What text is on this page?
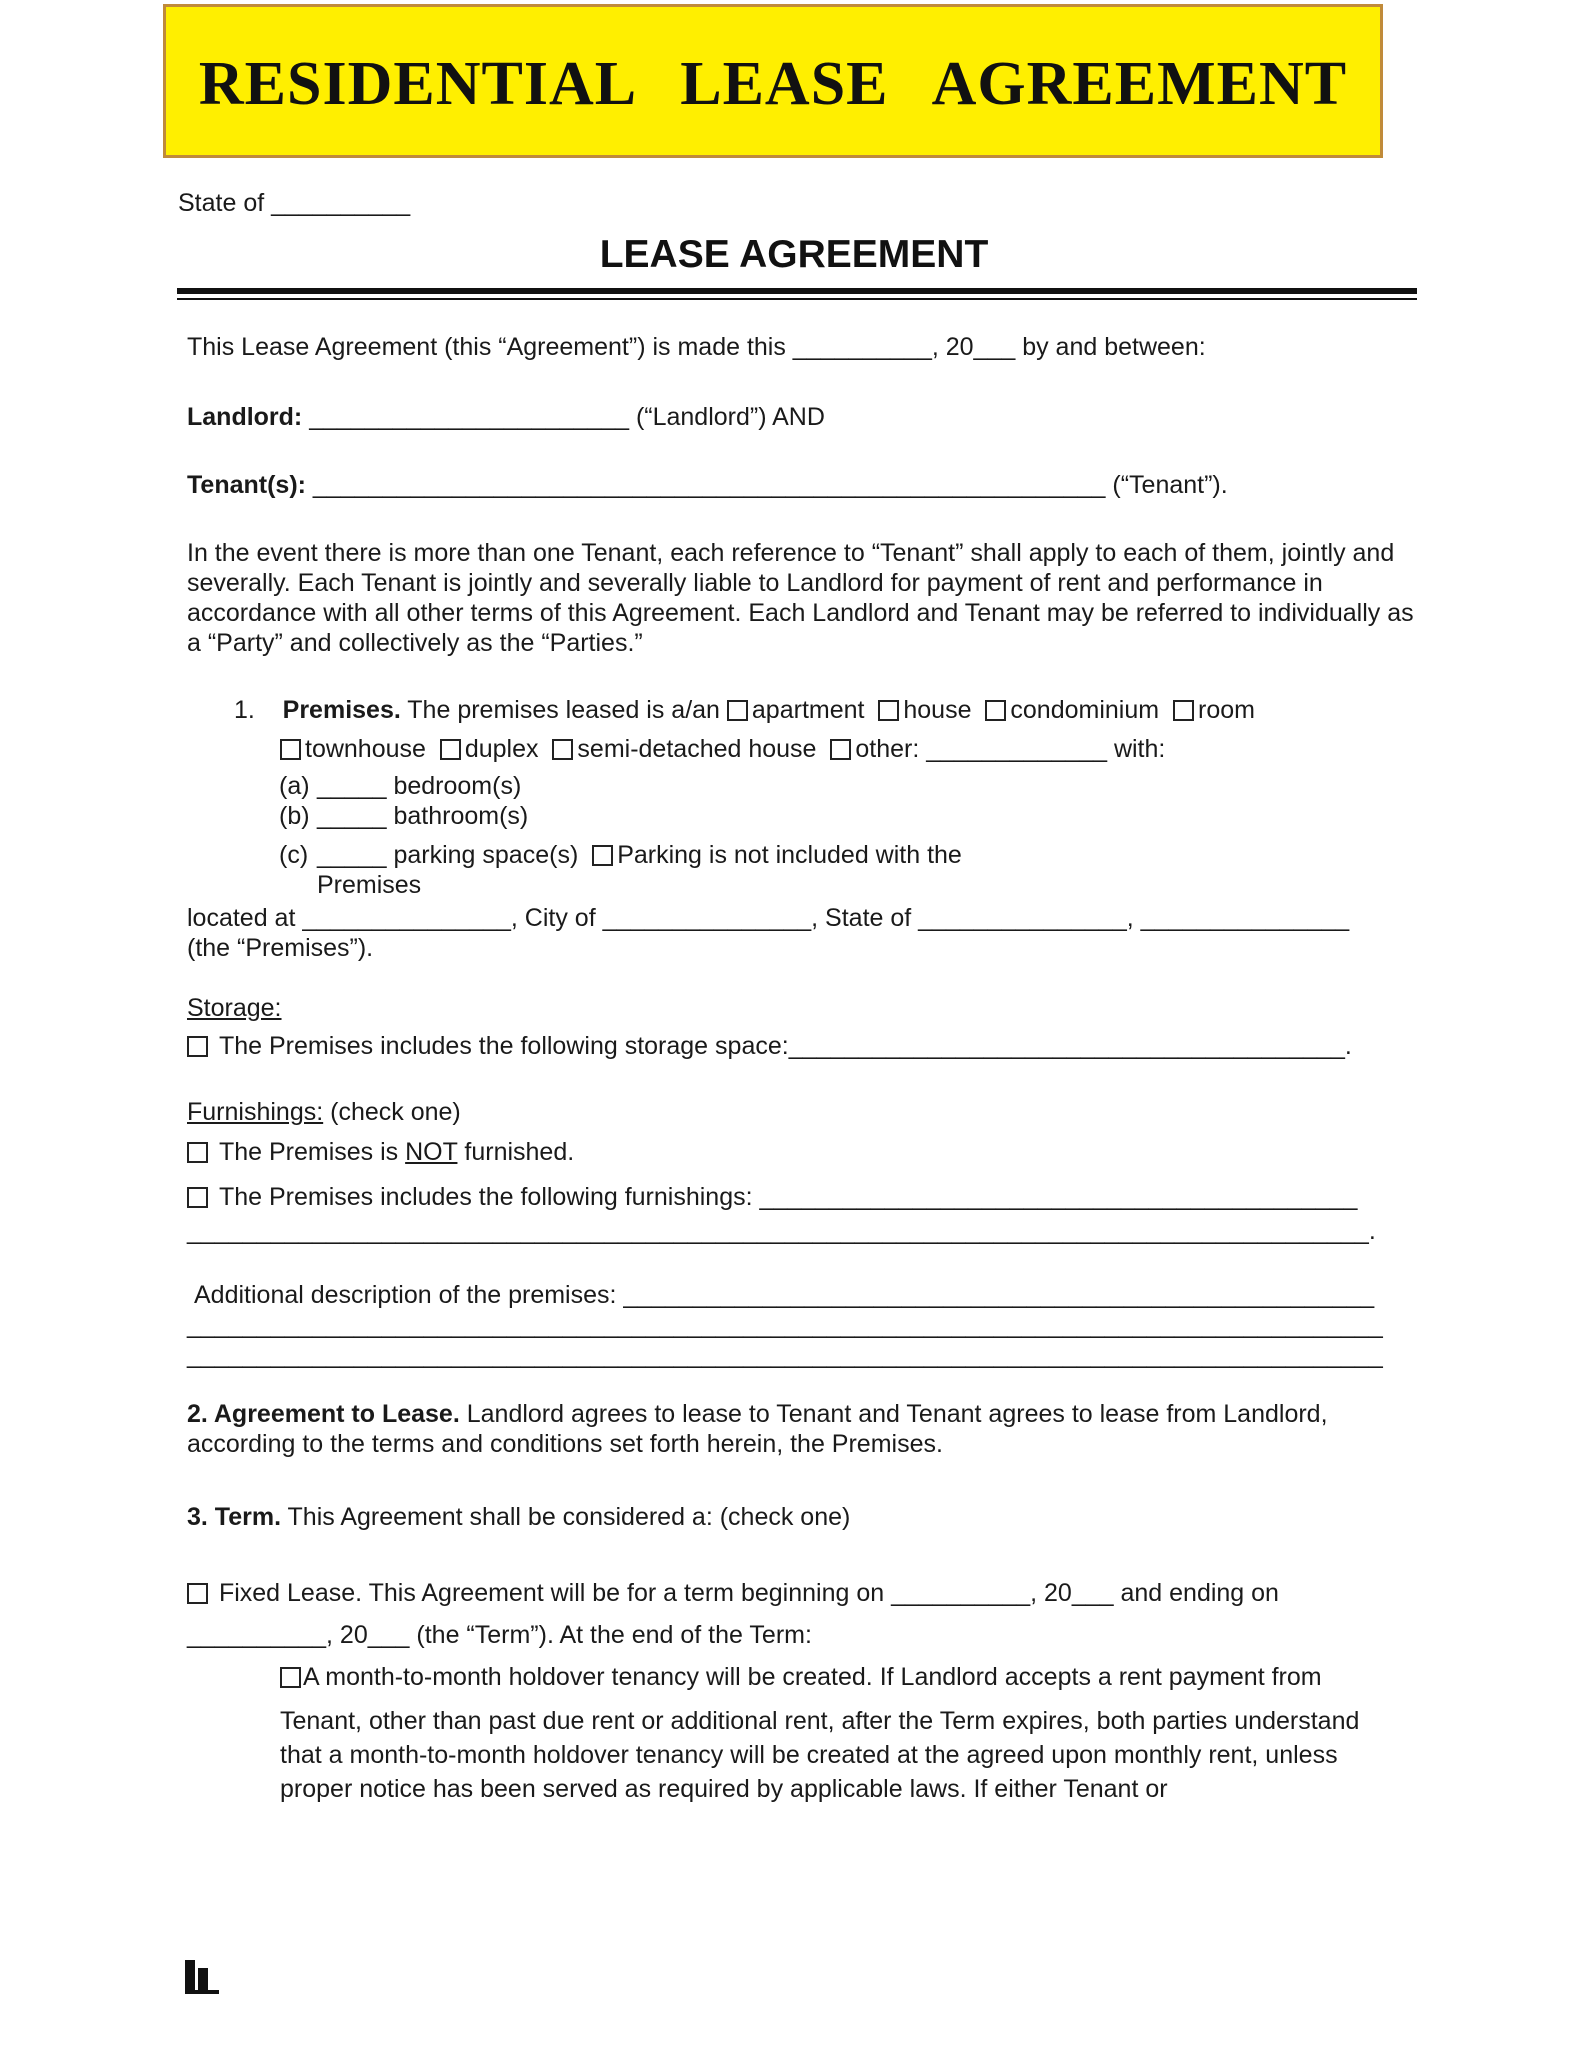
RESIDENTIAL LEASE AGREEMENT
State of __________
LEASE AGREEMENT
This Lease Agreement (this “Agreement”) is made this __________, 20___ by and between:
Landlord: _______________________ (“Landlord”) AND
Tenant(s): _________________________________________________________ (“Tenant”).
In the event there is more than one Tenant, each reference to “Tenant” shall apply to each of them, jointly and severally. Each Tenant is jointly and severally liable to Landlord for payment of rent and performance in accordance with all other terms of this Agreement. Each Landlord and Tenant may be referred to individually as a “Party” and collectively as the “Parties.”
1. Premises. The premises leased is a/an apartment house condominium room
townhouse duplex semi-detached house other: _____________ with:
(a) _____ bedroom(s)
(b) _____ bathroom(s)
(c) _____ parking space(s) Parking is not included with the
Premises
located at _______________, City of _______________, State of _______________, _______________
(the “Premises”).
Storage:
The Premises includes the following storage space:________________________________________.
Furnishings: (check one)
The Premises is NOT furnished.
The Premises includes the following furnishings: ___________________________________________
_____________________________________________________________________________________.
Additional description of the premises: ______________________________________________________
______________________________________________________________________________________
______________________________________________________________________________________
2. Agreement to Lease. Landlord agrees to lease to Tenant and Tenant agrees to lease from Landlord, according to the terms and conditions set forth herein, the Premises.
3. Term. This Agreement shall be considered a: (check one)
Fixed Lease. This Agreement will be for a term beginning on __________, 20___ and ending on
__________, 20___ (the “Term”). At the end of the Term:
A month-to-month holdover tenancy will be created. If Landlord accepts a rent payment from
Tenant, other than past due rent or additional rent, after the Term expires, both parties understand that a month-to-month holdover tenancy will be created at the agreed upon monthly rent, unless proper notice has been served as required by applicable laws. If either Tenant or
